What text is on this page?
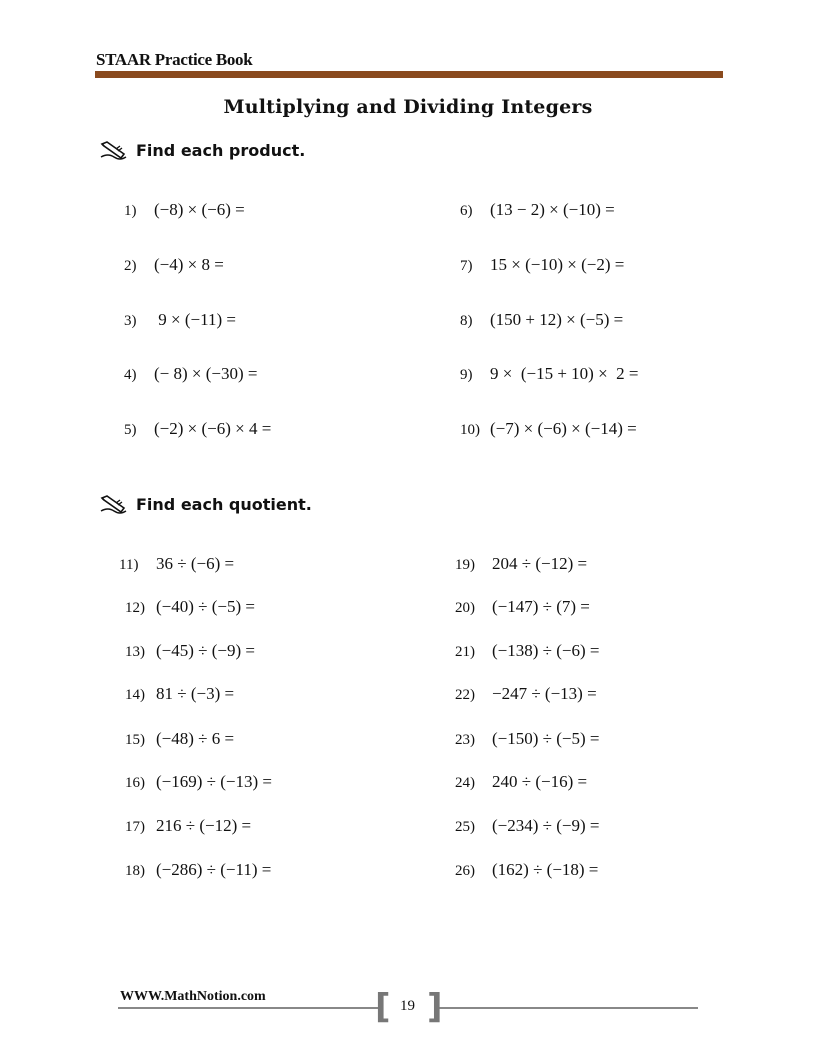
STAAR Practice Book
Multiplying and Dividing Integers
Find each product.
1) (−8) × (−6) =
2) (−4) × 8 =
3) 9 × (−11) =
4) (− 8) × (−30) =
5) (−2) × (−6) × 4 =
6) (13 − 2) × (−10) =
7) 15 × (−10) × (−2) =
8) (150 + 12) × (−5) =
9) 9 ×  (−15 + 10) ×  2 =
10) (−7) × (−6) × (−14) =
Find each quotient.
11) 36 ÷ (−6) =
12) (−40) ÷ (−5) =
13) (−45) ÷ (−9) =
14) 81 ÷ (−3) =
15) (−48) ÷ 6 =
16) (−169) ÷ (−13) =
17) 216 ÷ (−12) =
18) (−286) ÷ (−11) =
19) 204 ÷ (−12) =
20) (−147) ÷ (7) =
21) (−138) ÷ (−6) =
22) −247 ÷ (−13) =
23) (−150) ÷ (−5) =
24) 240 ÷ (−16) =
25) (−234) ÷ (−9) =
26) (162) ÷ (−18) =
WWW.MathNotion.com	[ ]
19
